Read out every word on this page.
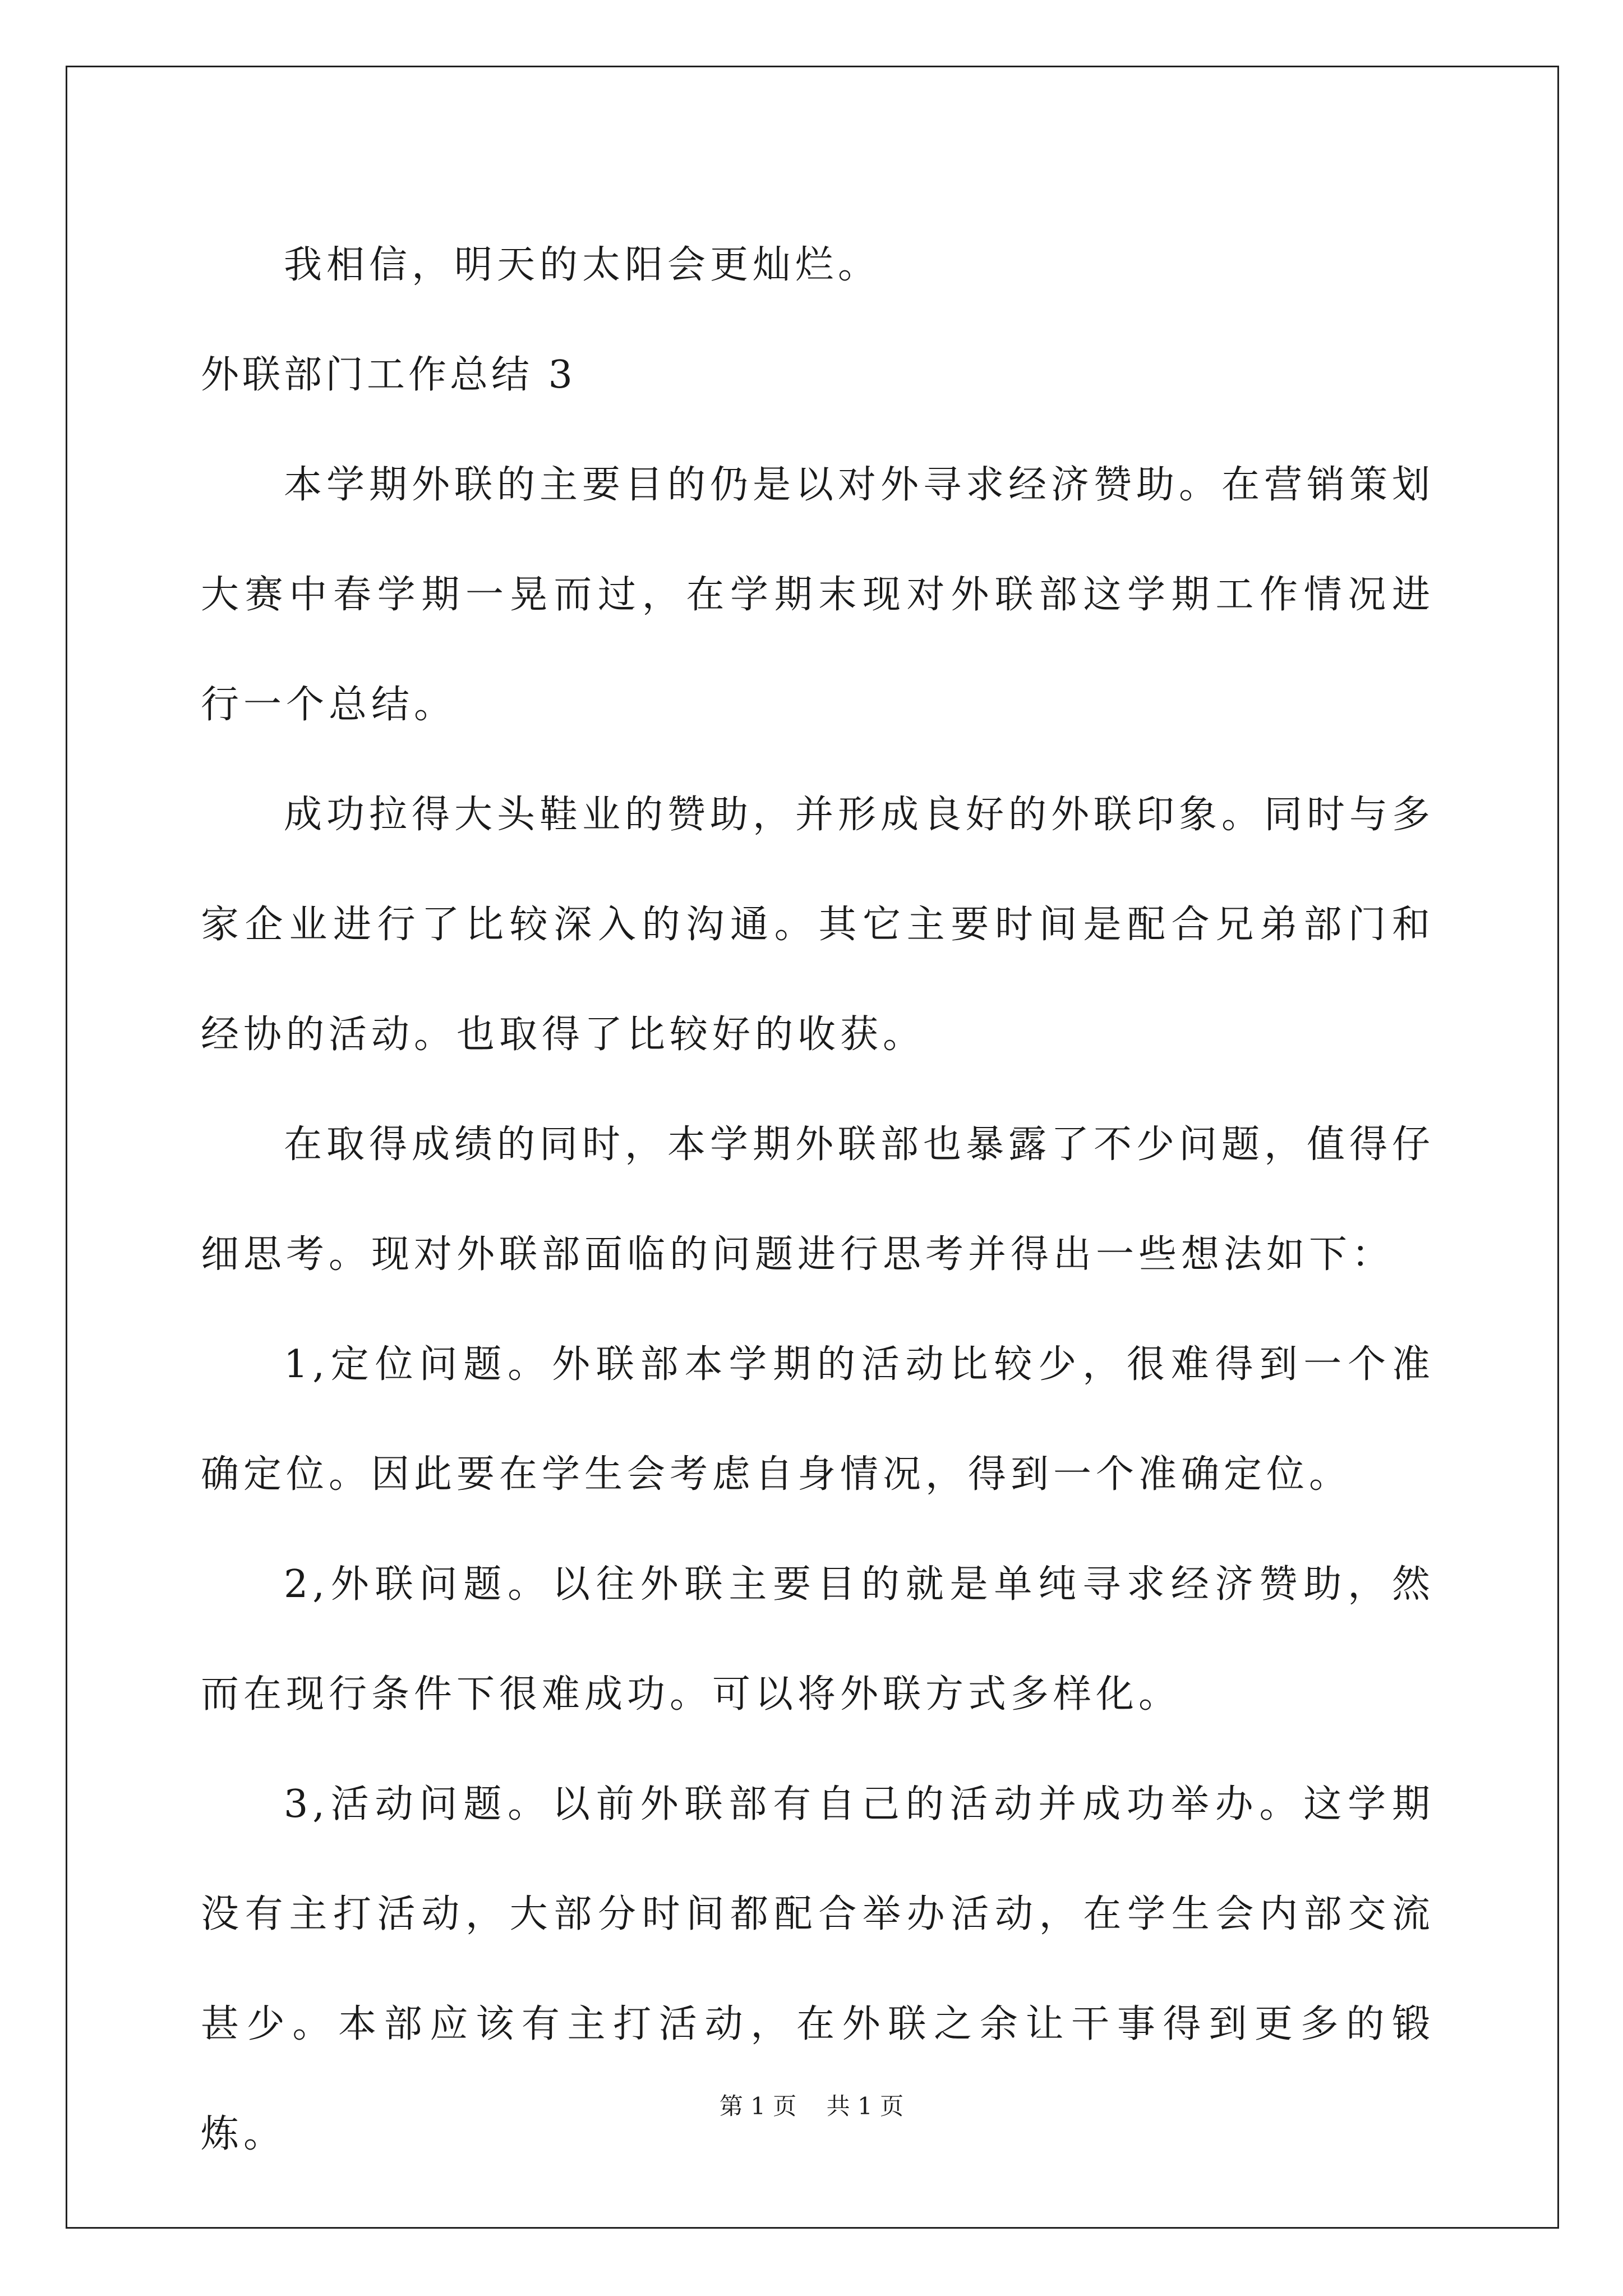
我相信，明天的太阳会更灿烂。

外联部门工作总结 3

本学期外联的主要目的仍是以对外寻求经济赞助。在营销策划大赛中春学期一晃而过，在学期末现对外联部这学期工作情况进行一个总结。

成功拉得大头鞋业的赞助，并形成良好的外联印象。同时与多家企业进行了比较深入的沟通。其它主要时间是配合兄弟部门和经协的活动。也取得了比较好的收获。

在取得成绩的同时，本学期外联部也暴露了不少问题，值得仔细思考。现对外联部面临的问题进行思考并得出一些想法如下：

1,定位问题。外联部本学期的活动比较少，很难得到一个准确定位。因此要在学生会考虑自身情况，得到一个准确定位。

2,外联问题。以往外联主要目的就是单纯寻求经济赞助，然而在现行条件下很难成功。可以将外联方式多样化。

3,活动问题。以前外联部有自己的活动并成功举办。这学期没有主打活动，大部分时间都配合举办活动，在学生会内部交流甚少。本部应该有主打活动，在外联之余让干事得到更多的锻炼。

第 1 页 共 1 页
